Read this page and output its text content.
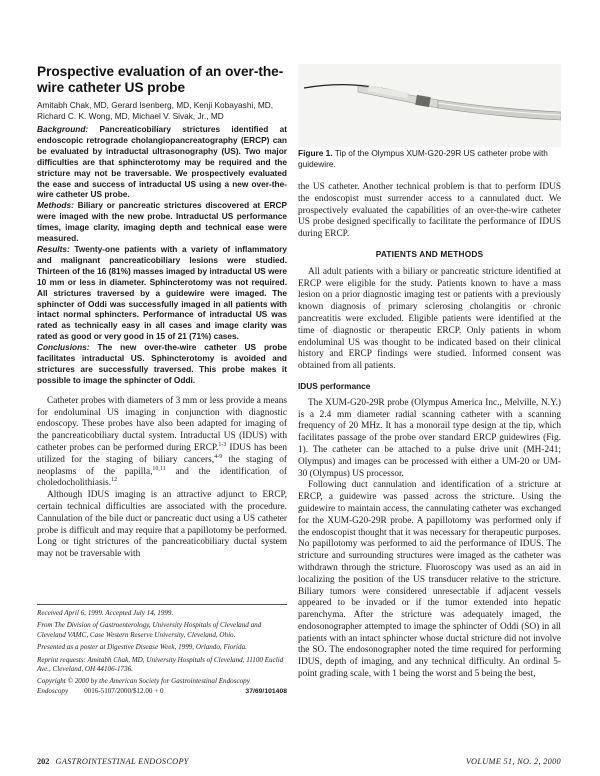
Prospective evaluation of an over-the-wire catheter US probe

Amitabh Chak, MD, Gerard Isenberg, MD, Kenji Kobayashi, MD, Richard C. K. Wong, MD, Michael V. Sivak, Jr., MD

Background: Pancreaticobiliary strictures identified at endoscopic retrograde cholangiopancreatography (ERCP) can be evaluated by intraductal ultrasonography (US). Two major difficulties are that sphincterotomy may be required and the stricture may not be traversable. We prospectively evaluated the ease and success of intraductal US using a new over-the-wire catheter US probe.

Methods: Biliary or pancreatic strictures discovered at ERCP were imaged with the new probe. Intraductal US performance times, image clarity, imaging depth and technical ease were measured.

Results: Twenty-one patients with a variety of inflammatory and malignant pancreaticobiliary lesions were studied. Thirteen of the 16 (81%) masses imaged by intraductal US were 10 mm or less in diameter. Sphincterotomy was not required. All strictures traversed by a guidewire were imaged. The sphincter of Oddi was successfully imaged in all patients with intact normal sphincters. Performance of intraductal US was rated as technically easy in all cases and image clarity was rated as good or very good in 15 of 21 (71%) cases.

Conclusions: The new over-the-wire catheter US probe facilitates intraductal US. Sphincterotomy is avoided and strictures are successfully traversed. This probe makes it possible to image the sphincter of Oddi.

Catheter probes with diameters of 3 mm or less provide a means for endoluminal US imaging in conjunction with diagnostic endoscopy. These probes have also been adapted for imaging of the pancreaticobiliary ductal system. Intraductal US (IDUS) with catheter probes can be performed during ERCP.$^{1-3}$ IDUS has been utilized for the staging of biliary cancers,$^{4-9}$ the staging of neoplasms of the papilla,$^{10,11}$ and the identification of choledocholithiasis.$^{12}$

Although IDUS imaging is an attractive adjunct to ERCP, certain technical difficulties are associated with the procedure. Cannulation of the bile duct or pancreatic duct using a US catheter probe is difficult and may require that a papillotomy be performed. Long or tight strictures of the pancreaticobiliary ductal system may not be traversable with

Received April 6, 1999. Accepted July 14, 1999.

From The Division of Gastroenterology, University Hospitals of Cleveland and Cleveland VAMC, Case Western Reserve University, Cleveland, Ohio.

Presented as a poster at Digestive Disease Week, 1999, Orlando, Florida.

Reprint requests: Amitabh Chak, MD, University Hospitals of Cleveland, 11100 Euclid Ave., Cleveland, OH 44106-1736.

Copyright © 2000 by the American Society for Gastrointestinal Endoscopy

Endoscopy         0016-5107/2000/$12.00 + 0	37/69/101408
Figure 1. Tip of the Olympus XUM-G20-29R US catheter probe with guidewire.

the US catheter. Another technical problem is that to perform IDUS the endoscopist must surrender access to a cannulated duct. We prospectively evaluated the capabilities of an over-the-wire catheter US probe designed specifically to facilitate the performance of IDUS during ERCP.

PATIENTS AND METHODS

All adult patients with a biliary or pancreatic stricture identified at ERCP were eligible for the study. Patients known to have a mass lesion on a prior diagnostic imaging test or patients with a previously known diagnosis of primary sclerosing cholangitis or chronic pancreatitis were excluded. Eligible patients were identified at the time of diagnostic or therapeutic ERCP. Only patients in whom endoluminal US was thought to be indicated based on their clinical history and ERCP findings were studied. Informed consent was obtained from all patients.

IDUS performance

The XUM-G20-29R probe (Olympus America Inc., Melville, N.Y.) is a 2.4 mm diameter radial scanning catheter with a scanning frequency of 20 MHz. It has a monorail type design at the tip, which facilitates passage of the probe over standard ERCP guidewires (Fig. 1). The catheter can be attached to a pulse drive unit (MH-241; Olympus) and images can be processed with either a UM-20 or UM-30 (Olympus) US processor.

Following duct cannulation and identification of a stricture at ERCP, a guidewire was passed across the stricture. Using the guidewire to maintain access, the cannulating catheter was exchanged for the XUM-G20-29R probe. A papillotomy was performed only if the endoscopist thought that it was necessary for therapeutic purposes. No papillotomy was performed to aid the performance of IDUS. The stricture and surrounding structures were imaged as the catheter was withdrawn through the stricture. Fluoroscopy was used as an aid in localizing the position of the US transducer relative to the stricture. Biliary tumors were considered unresectable if adjacent vessels appeared to be invaded or if the tumor extended into hepatic parenchyma. After the stricture was adequately imaged, the endosonographer attempted to image the sphincter of Oddi (SO) in all patients with an intact sphincter whose ductal stricture did not involve the SO. The endosonographer noted the time required for performing IDUS, depth of imaging, and any technical difficulty. An ordinal 5-point grading scale, with 1 being the worst and 5 being the best,

202 GASTROINTESTINAL ENDOSCOPY	VOLUME 51, NO. 2, 2000
